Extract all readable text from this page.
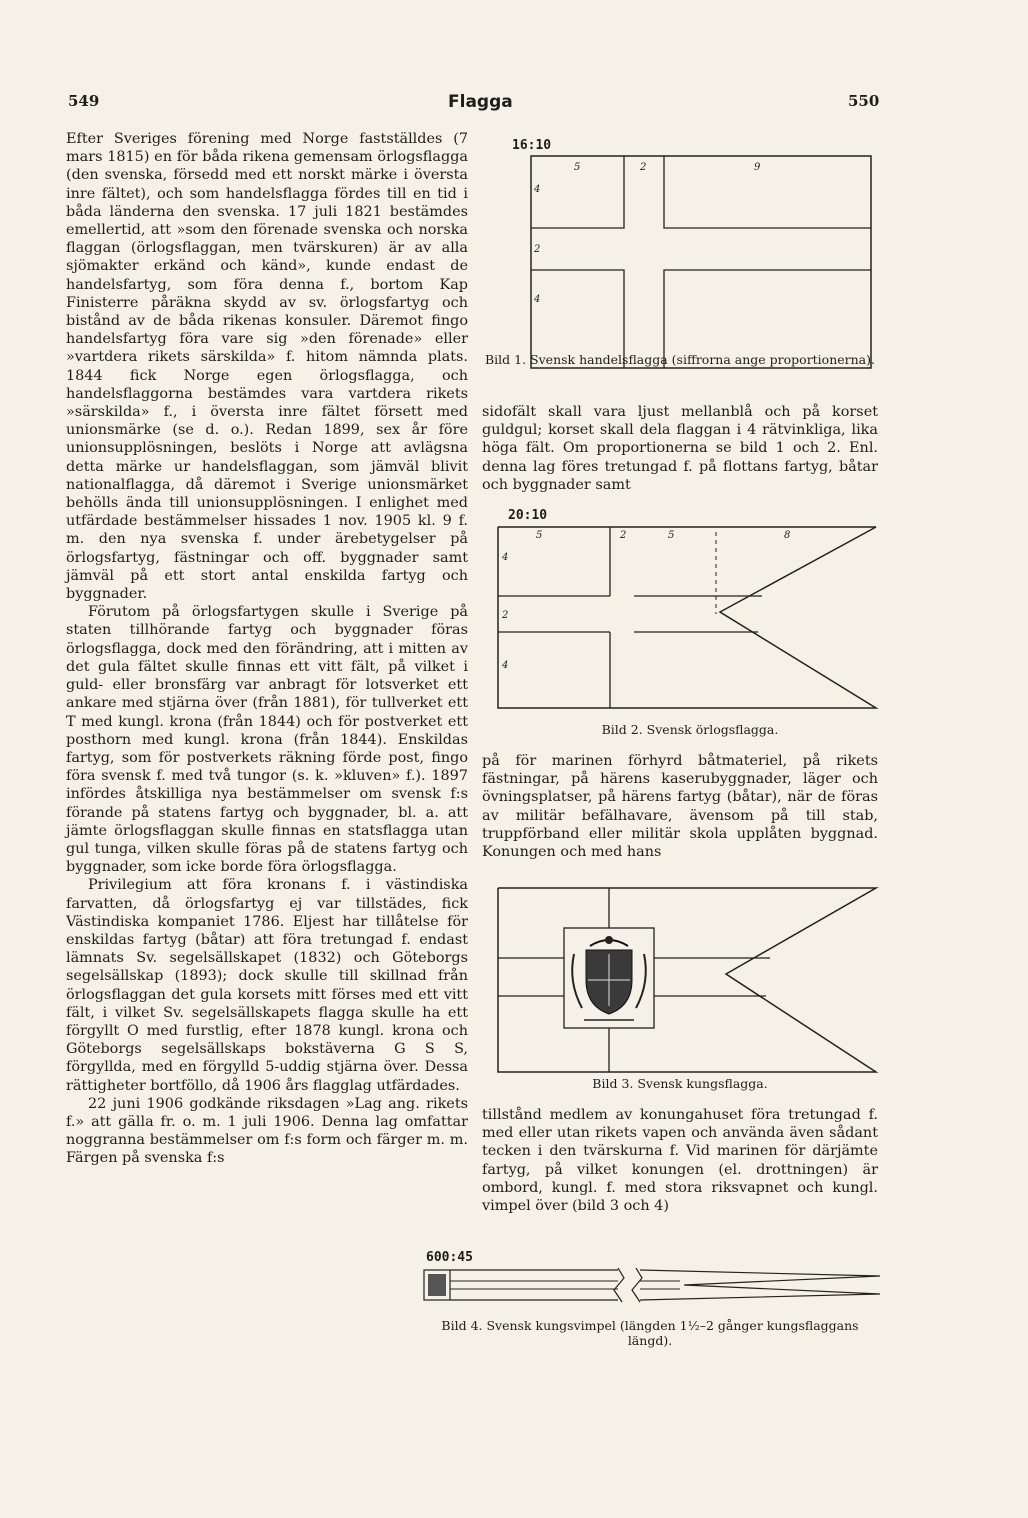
549	Flagga	550

Efter Sveriges förening med Norge fastställdes (7 mars 1815) en för båda rikena gemensam örlogsflagga (den svenska, försedd med ett norskt märke i översta inre fältet), och som handelsflagga fördes till en tid i båda länderna den svenska. 17 juli 1821 bestämdes emellertid, att »som den förenade svenska och norska flaggan (örlogsflaggan, men tvärskuren) är av alla sjömakter erkänd och känd», kunde endast de handelsfartyg, som föra denna f., bortom Kap Finisterre påräkna skydd av sv. örlogsfartyg och bistånd av de båda rikenas konsuler. Däremot fingo handelsfartyg föra vare sig »den förenade» eller »vartdera rikets särskilda» f. hitom nämnda plats. 1844 fick Norge egen örlogsflagga, och handelsflaggorna bestämdes vara vartdera rikets »särskilda» f., i översta inre fältet försett med unionsmärke (se d. o.). Redan 1899, sex år före unionsupplösningen, beslöts i Norge att avlägsna detta märke ur handelsflaggan, som jämväl blivit nationalflagga, då däremot i Sverige unionsmärket behölls ända till unionsupplösningen. I enlighet med utfärdade bestämmelser hissades 1 nov. 1905 kl. 9 f. m. den nya svenska f. under ärebetygelser på örlogsfartyg, fästningar och off. byggnader samt jämväl på ett stort antal enskilda fartyg och byggnader.

Förutom på örlogsfartygen skulle i Sverige på staten tillhörande fartyg och byggnader föras örlogsflagga, dock med den förändring, att i mitten av det gula fältet skulle finnas ett vitt fält, på vilket i guld- eller bronsfärg var anbragt för lotsverket ett ankare med stjärna över (från 1881), för tullverket ett T med kungl. krona (från 1844) och för postverket ett posthorn med kungl. krona (från 1844). Enskildas fartyg, som för postverkets räkning förde post, fingo föra svensk f. med två tungor (s. k. »kluven» f.). 1897 infördes åtskilliga nya bestämmelser om svensk f:s förande på statens fartyg och byggnader, bl. a. att jämte örlogsflaggan skulle finnas en statsflagga utan gul tunga, vilken skulle föras på de statens fartyg och byggnader, som icke borde föra örlogsflagga.

Privilegium att föra kronans f. i västindiska farvatten, då örlogsfartyg ej var tillstädes, fick Västindiska kompaniet 1786. Eljest har tillåtelse för enskildas fartyg (båtar) att föra tretungad f. endast lämnats Sv. segelsällskapet (1832) och Göteborgs segelsällskap (1893); dock skulle till skillnad från örlogsflaggan det gula korsets mitt förses med ett vitt fält, i vilket Sv. segelsällskapets flagga skulle ha ett förgyllt O med furstlig, efter 1878 kungl. krona och Göteborgs segelsällskaps bokstäverna G S S, förgyllda, med en förgylld 5-uddig stjärna över. Dessa rättigheter bortföllo, då 1906 års flagglag utfärdades.

22 juni 1906 godkände riksdagen »Lag ang. rikets f.» att gälla fr. o. m. 1 juli 1906. Denna lag omfattar noggranna bestämmelser om f:s form och färger m. m. Färgen på svenska f:s

16:10
5	2	9
4
2
4
Bild 1. Svensk handelsflagga (siffrorna ange proportionerna).

sidofält skall vara ljust mellanblå och på korset guldgul; korset skall dela flaggan i 4 rätvinkliga, lika höga fält. Om proportionerna se bild 1 och 2. Enl. denna lag föres tretungad f. på flottans fartyg, båtar och byggnader samt

20:10
5	2	5	8
4
2
4
Bild 2. Svensk örlogsflagga.

på för marinen förhyrd båtmateriel, på rikets fästningar, på härens kaserubyggnader, läger och övningsplatser, på härens fartyg (båtar), när de föras av militär befälhavare, ävensom på till stab, truppförband eller militär skola upplåten byggnad. Konungen och med hans

Bild 3. Svensk kungsflagga.

tillstånd medlem av konungahuset föra tretungad f. med eller utan rikets vapen och använda även sådant tecken i den tvärskurna f. Vid marinen för därjämte fartyg, på vilket konungen (el. drottningen) är ombord, kungl. f. med stora riksvapnet och kungl. vimpel över (bild 3 och 4)

600:45
Bild 4. Svensk kungsvimpel (längden 1½–2 gånger kungsflaggans längd).
